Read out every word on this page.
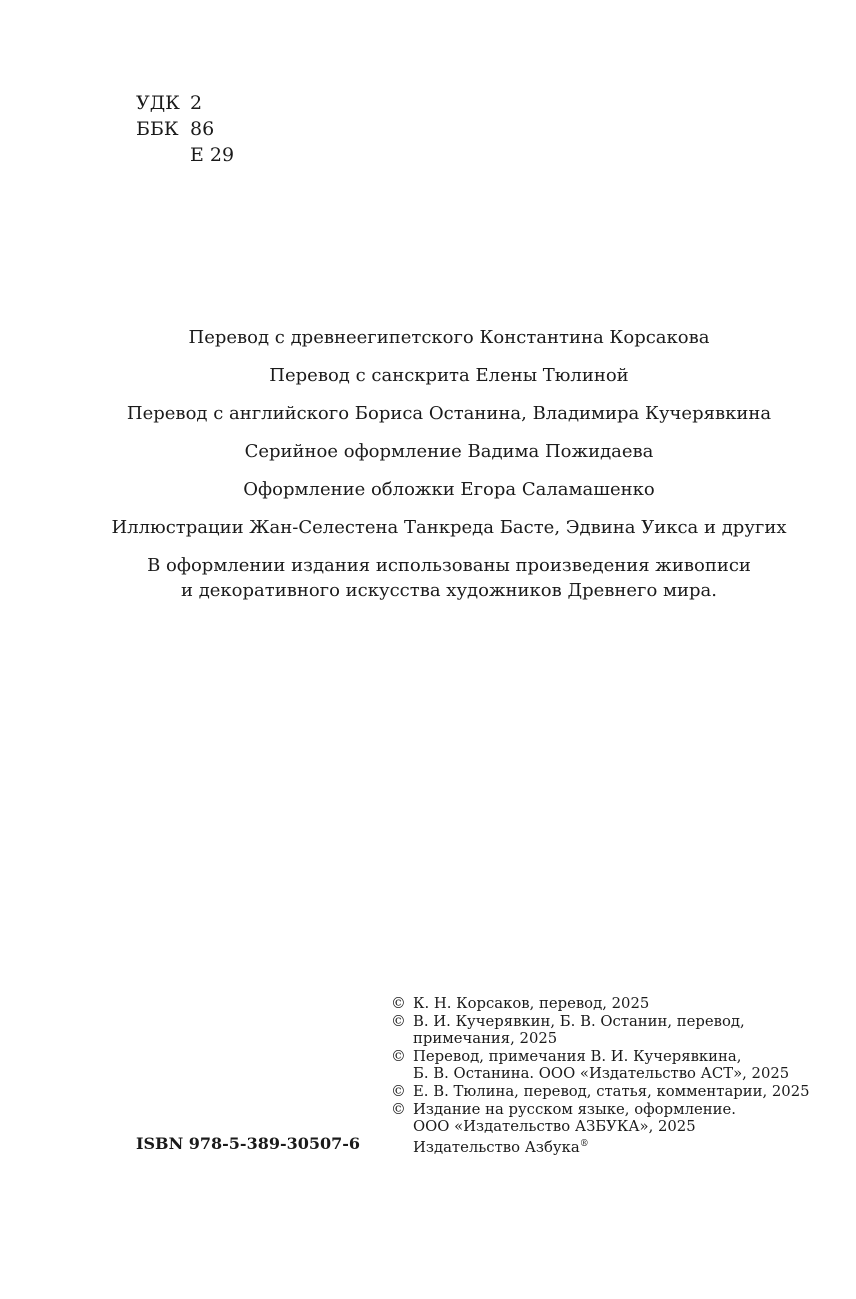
УДК 2
ББК 86
Е 29
Перевод с древнеегипетского Константина Корсакова
Перевод с санскрита Елены Тюлиной
Перевод с английского Бориса Останина, Владимира Кучерявкина
Серийное оформление Вадима Пожидаева
Оформление обложки Егора Саламашенко
Иллюстрации Жан-Селестена Танкреда Басте, Эдвина Уикса и других
В оформлении издания использованы произведения живописи
и декоративного искусства художников Древнего мира.
ISBN 978-5-389-30507-6
© К. Н. Корсаков, перевод, 2025
© В. И. Кучерявкин, Б. В. Останин, перевод,
примечания, 2025
© Перевод, примечания В. И. Кучерявкина,
Б. В. Останина. ООО «Издательство АСТ», 2025
© Е. В. Тюлина, перевод, статья, комментарии, 2025
© Издание на русском языке, оформление.
ООО «Издательство АЗБУКА», 2025
Издательство Азбука®
